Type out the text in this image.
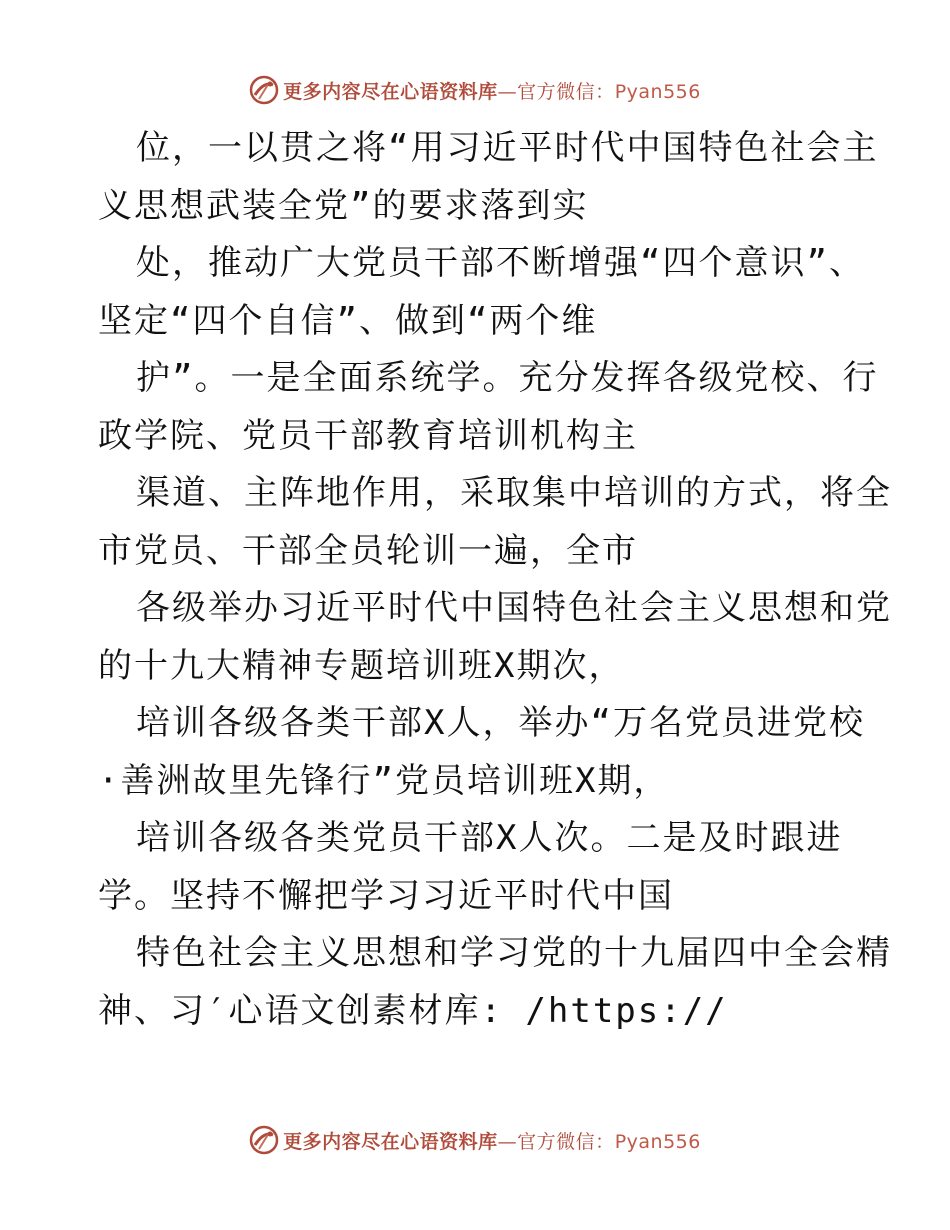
更多内容尽在心语资料库—官方微信：Pyan556
位，一以贯之将“用习近平时代中国特色社会主
义思想武装全党”的要求落到实
处，推动广大党员干部不断增强“四个意识”、
坚定“四个自信”、做到“两个维
护”。一是全面系统学。充分发挥各级党校、行
政学院、党员干部教育培训机构主
渠道、主阵地作用，采取集中培训的方式，将全
市党员、干部全员轮训一遍，全市
各级举办习近平时代中国特色社会主义思想和党
的十九大精神专题培训班X期次，
培训各级各类干部X人，举办“万名党员进党校
·善洲故里先锋行”党员培训班X期，
培训各级各类党员干部X人次。二是及时跟进
学。坚持不懈把学习习近平时代中国
特色社会主义思想和学习党的十九届四中全会精
神、习′心语文创素材库: /https://
更多内容尽在心语资料库—官方微信：Pyan556
